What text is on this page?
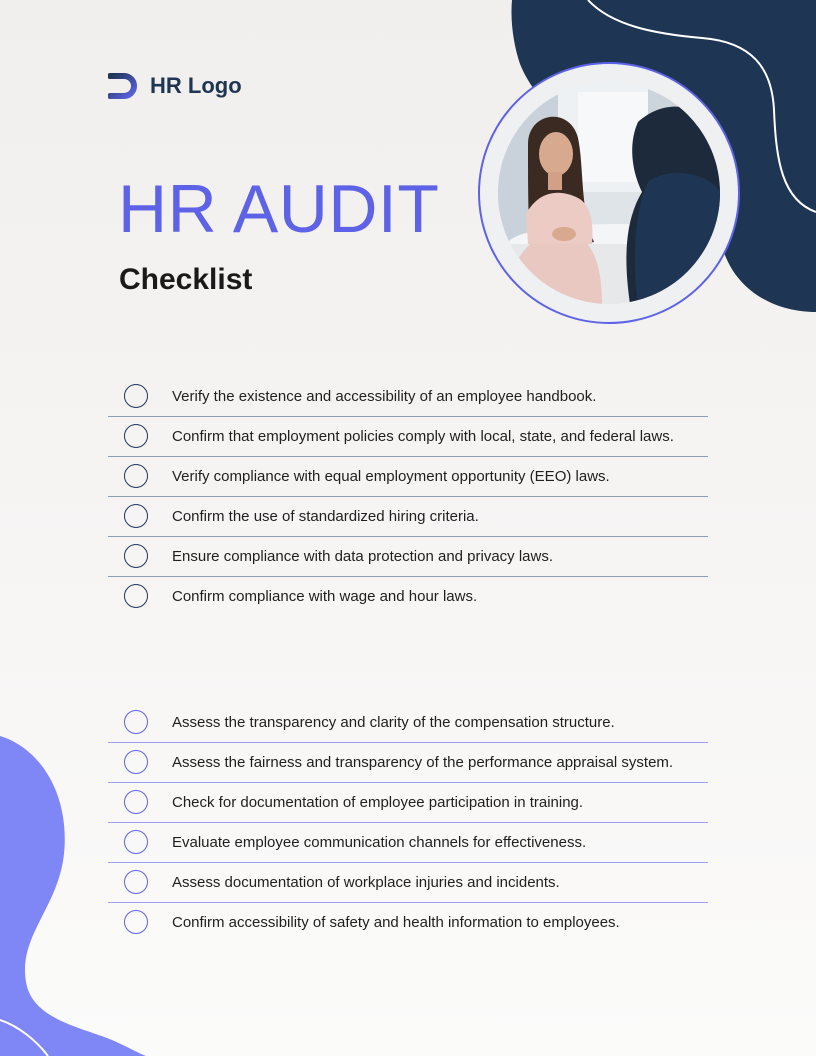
HR Logo
HR AUDIT
Checklist
Verify the existence and accessibility of an employee handbook.
Confirm that employment policies comply with local, state, and federal laws.
Verify compliance with equal employment opportunity (EEO) laws.
Confirm the use of standardized hiring criteria.
Ensure compliance with data protection and privacy laws.
Confirm compliance with wage and hour laws.
Assess the transparency and clarity of the compensation structure.
Assess the fairness and transparency of the performance appraisal system.
Check for documentation of employee participation in training.
Evaluate employee communication channels for effectiveness.
Assess documentation of workplace injuries and incidents.
Confirm accessibility of safety and health information to employees.
